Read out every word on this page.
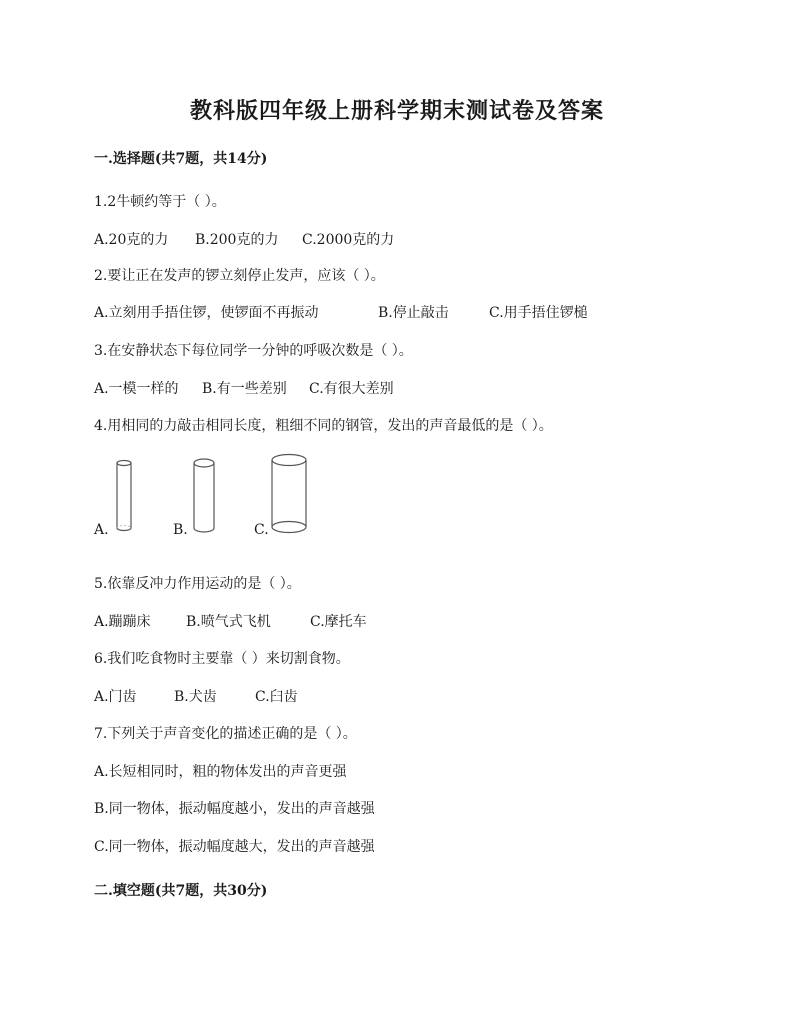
教科版四年级上册科学期末测试卷及答案
一.选择题(共7题，共14分)
1.2牛顿约等于（ ）。
A.20克的力 B.200克的力 C.2000克的力
2.要让正在发声的锣立刻停止发声，应该（ ）。
A.立刻用手捂住锣，使锣面不再振动	B.停止敲击	C.用手捂住锣槌
3.在安静状态下每位同学一分钟的呼吸次数是（ ）。
A.一模一样的 B.有一些差别 C.有很大差别
4.用相同的力敲击相同长度，粗细不同的钢管，发出的声音最低的是（ ）。
A.	B.	C.
5.依靠反冲力作用运动的是（ ）。
A.蹦蹦床	B.喷气式飞机	C.摩托车
6.我们吃食物时主要靠（ ）来切割食物。
A.门齿	B.犬齿	C.臼齿
7.下列关于声音变化的描述正确的是（ ）。
A.长短相同时，粗的物体发出的声音更强
B.同一物体，振动幅度越小，发出的声音越强
C.同一物体，振动幅度越大，发出的声音越强
二.填空题(共7题，共30分)
